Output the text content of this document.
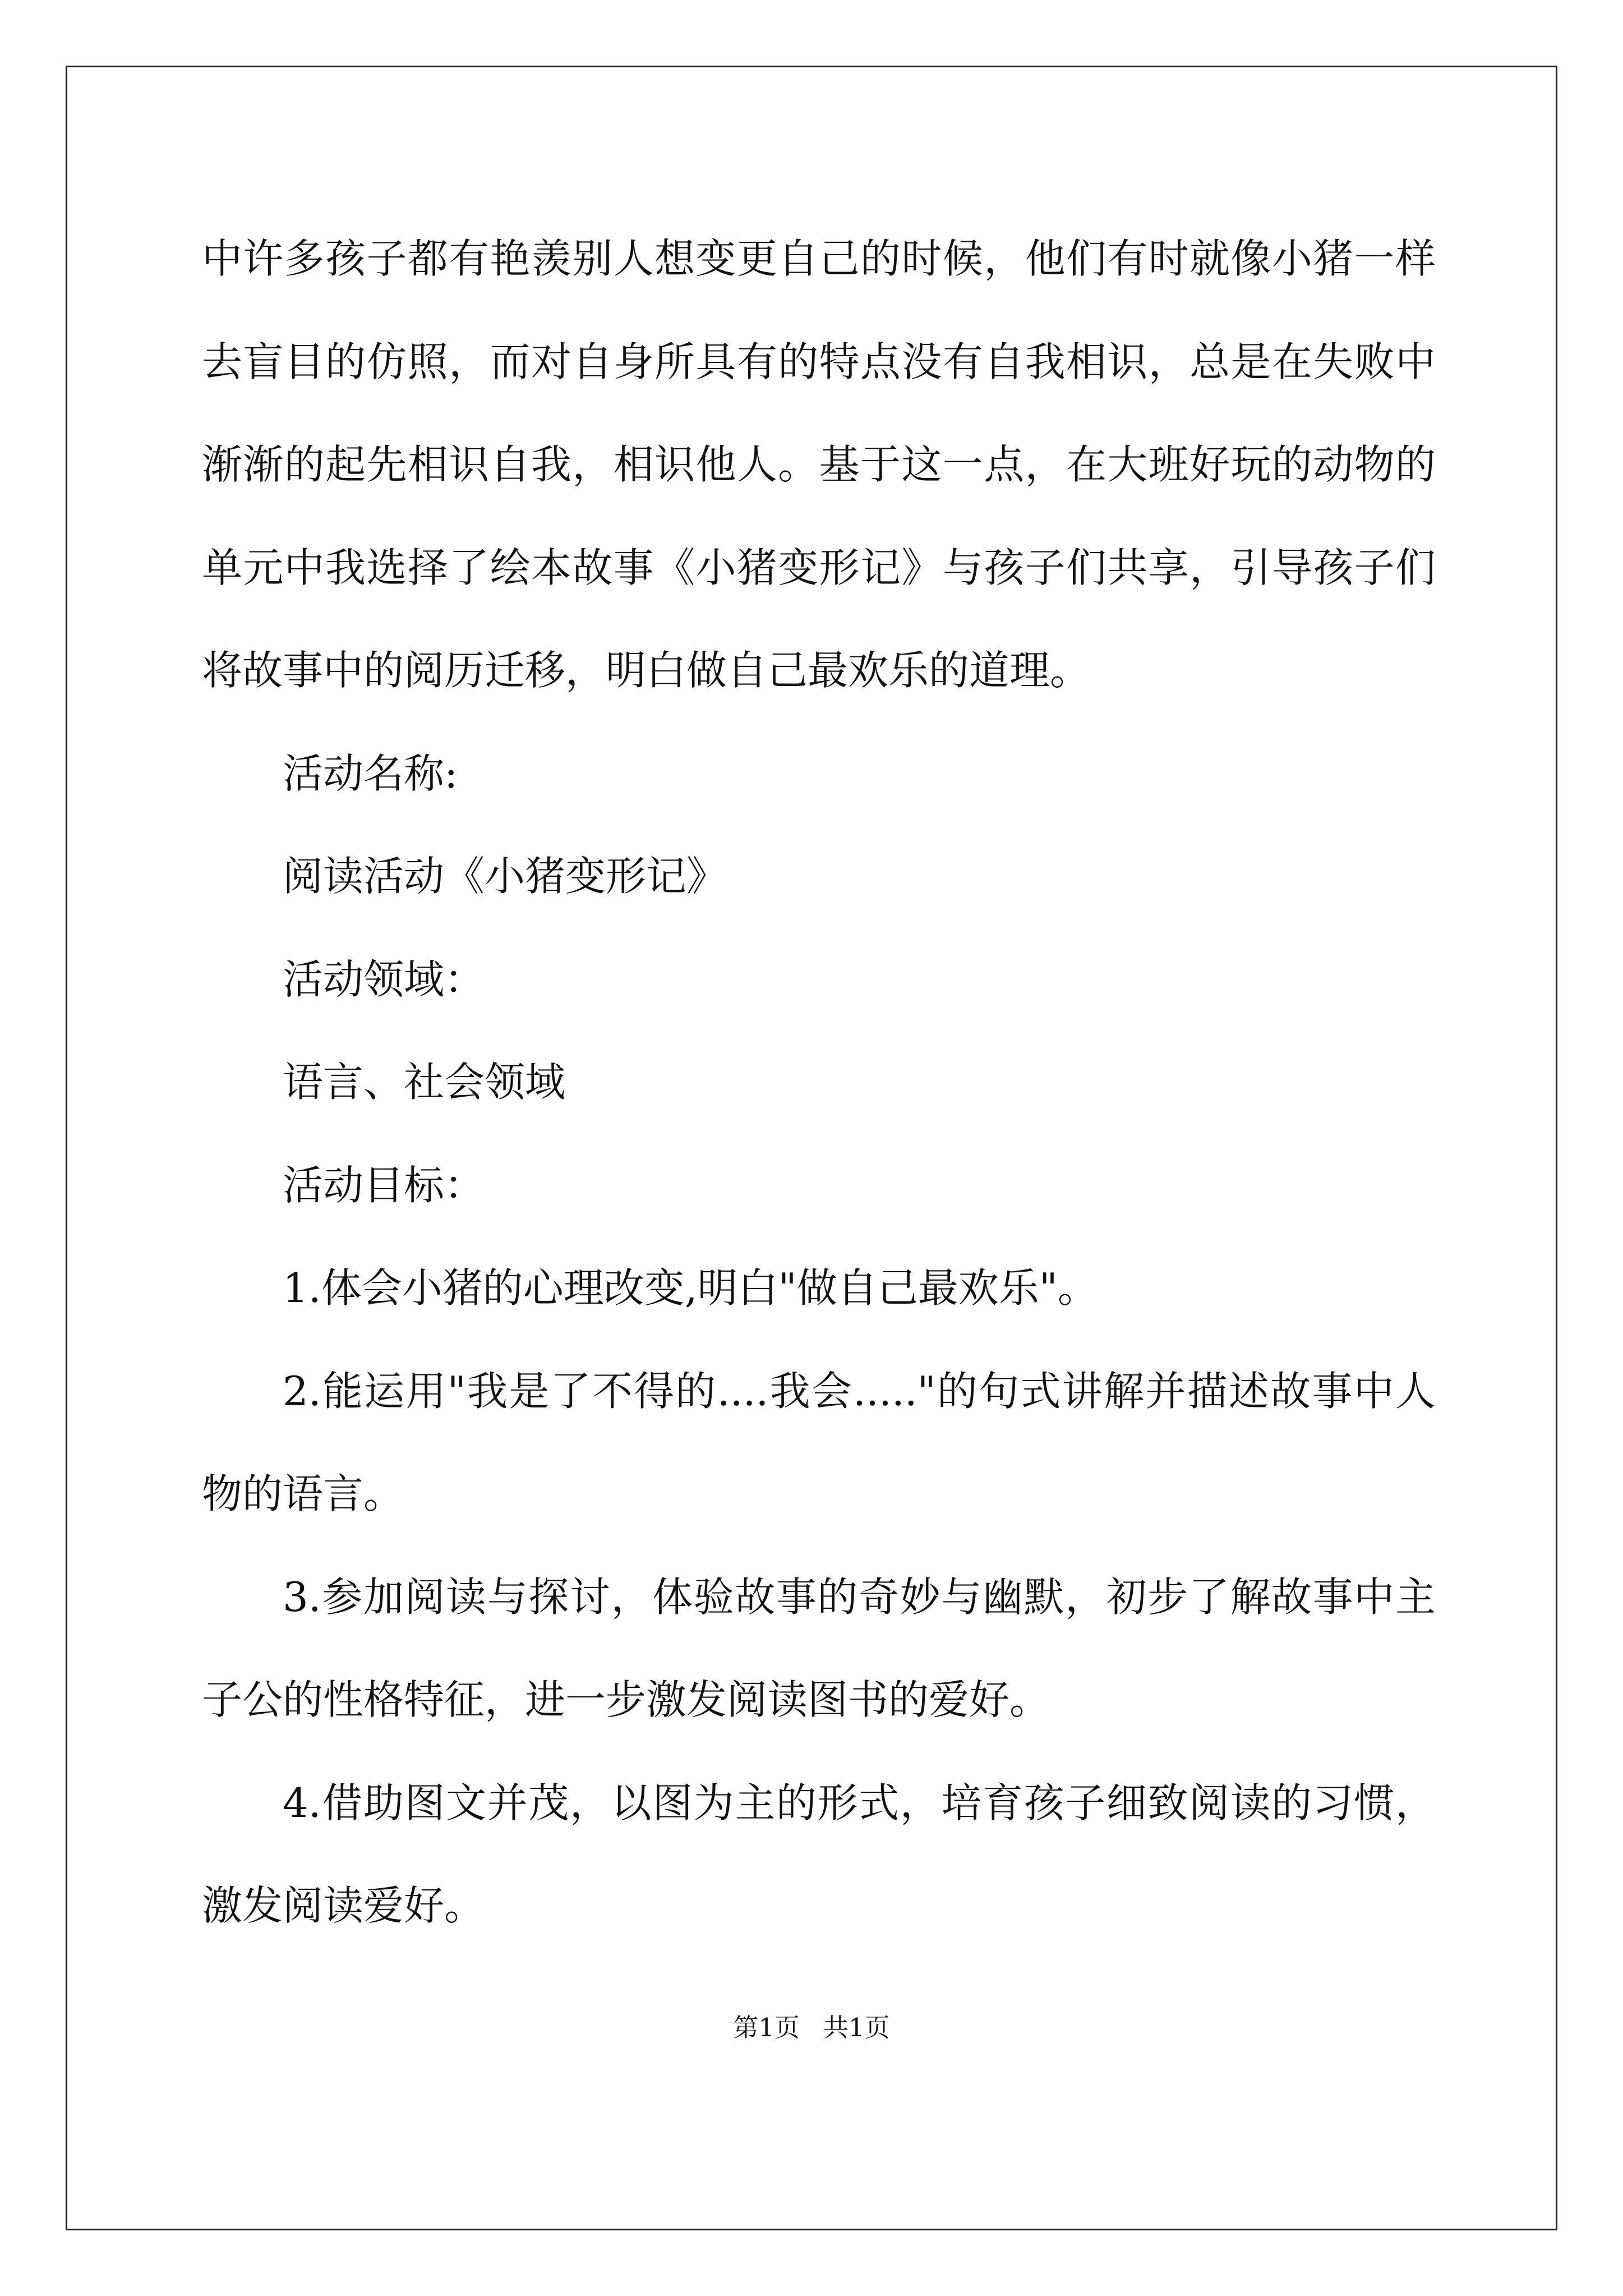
中许多孩子都有艳羡别人想变更自己的时候，他们有时就像小猪一样去盲目的仿照，而对自身所具有的特点没有自我相识，总是在失败中渐渐的起先相识自我，相识他人。基于这一点，在大班好玩的动物的单元中我选择了绘本故事《小猪变形记》与孩子们共享，引导孩子们将故事中的阅历迁移，明白做自己最欢乐的道理。

活动名称:

阅读活动《小猪变形记》

活动领域：

语言、社会领域

活动目标：

1.体会小猪的心理改变,明白"做自己最欢乐"。

2.能运用"我是了不得的....我会....."的句式讲解并描述故事中人物的语言。

3.参加阅读与探讨，体验故事的奇妙与幽默，初步了解故事中主子公的性格特征，进一步激发阅读图书的爱好。

4.借助图文并茂，以图为主的形式，培育孩子细致阅读的习惯，激发阅读爱好。

第1页 共1页
